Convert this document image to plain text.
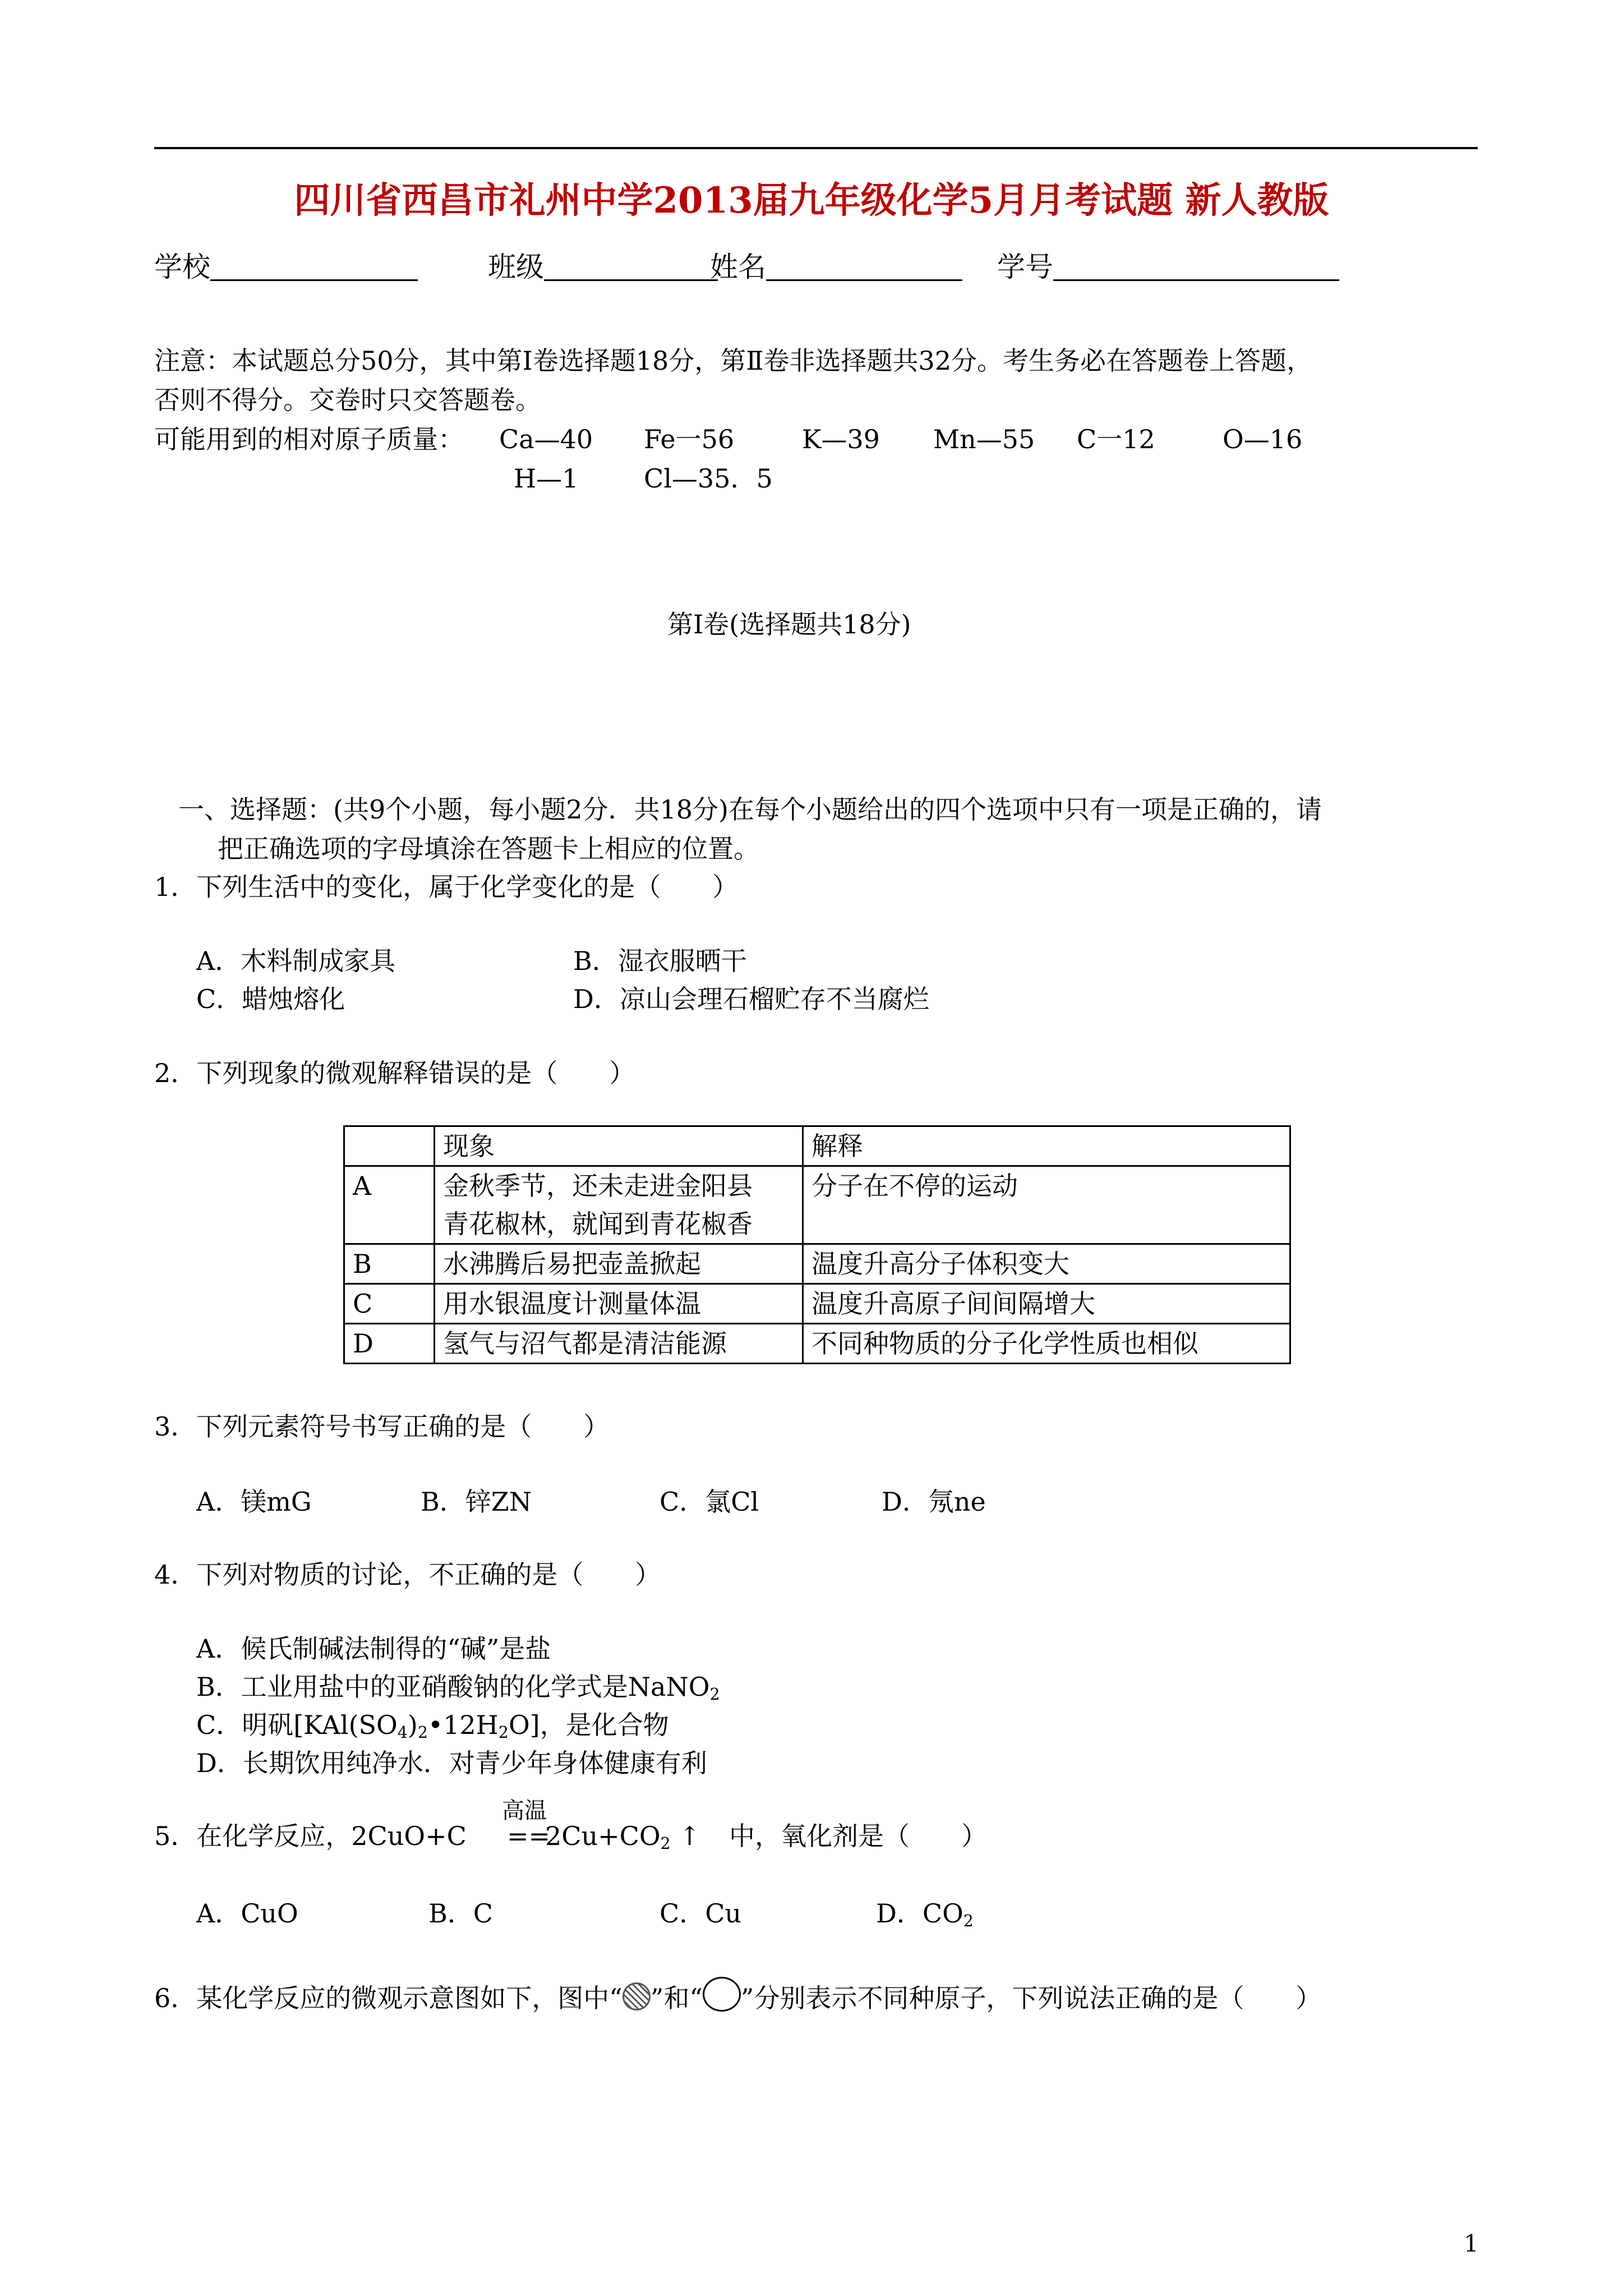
四川省西昌市礼州中学2013届九年级化学5月月考试题 新人教版
学校	班级	姓名	学号
注意：本试题总分50分，其中第Ⅰ卷选择题18分，第Ⅱ卷非选择题共32分。考生务必在答题卷上答题，
否则不得分。交卷时只交答题卷。
可能用到的相对原子质量： Ca—40 Fe一56	K—39 Mn—55 C一12	O—16
H—1	Cl—35．5
第Ⅰ卷(选择题共18分)
一、选择题：(共9个小题，每小题2分．共18分)在每个小题给出的四个选项中只有一项是正确的，请
把正确选项的字母填涂在答题卡上相应的位置。
1．下列生活中的变化，属于化学变化的是（　　）
A．木料制成家具	B．湿衣服晒干
C．蜡烛熔化	D．凉山会理石榴贮存不当腐烂
2．下列现象的微观解释错误的是（　　）
	现象	解释
A	金秋季节，还未走进金阳县
青花椒林，就闻到青花椒香	分子在不停的运动
B	水沸腾后易把壶盖掀起	温度升高分子体积变大
C	用水银温度计测量体温	温度升高原子间间隔增大
D	氢气与沼气都是清洁能源	不同种物质的分子化学性质也相似
3．下列元素符号书写正确的是（　　）
A．镁mG	B．锌ZN	C．氯Cl	D．氖ne
4．下列对物质的讨论，不正确的是（　　）
A．候氏制碱法制得的“碱”是盐
B．工业用盐中的亚硝酸钠的化学式是NaNO$_2$
C．明矾$[KAl(SO_4)_2•12H_2O]$，是化合物
D．长期饮用纯净水．对青少年身体健康有利
高温
5．在化学反应，2CuO+C ==
$2Cu+CO_2$ ↑ 中，氧化剂是（　　）
A．CuO	B．C	C．Cu	D．$CO_2$
6．某化学反应的微观示意图如下，图中“ ”和“ ”分别表示不同种原子，下列说法正确的是（　　）
1
